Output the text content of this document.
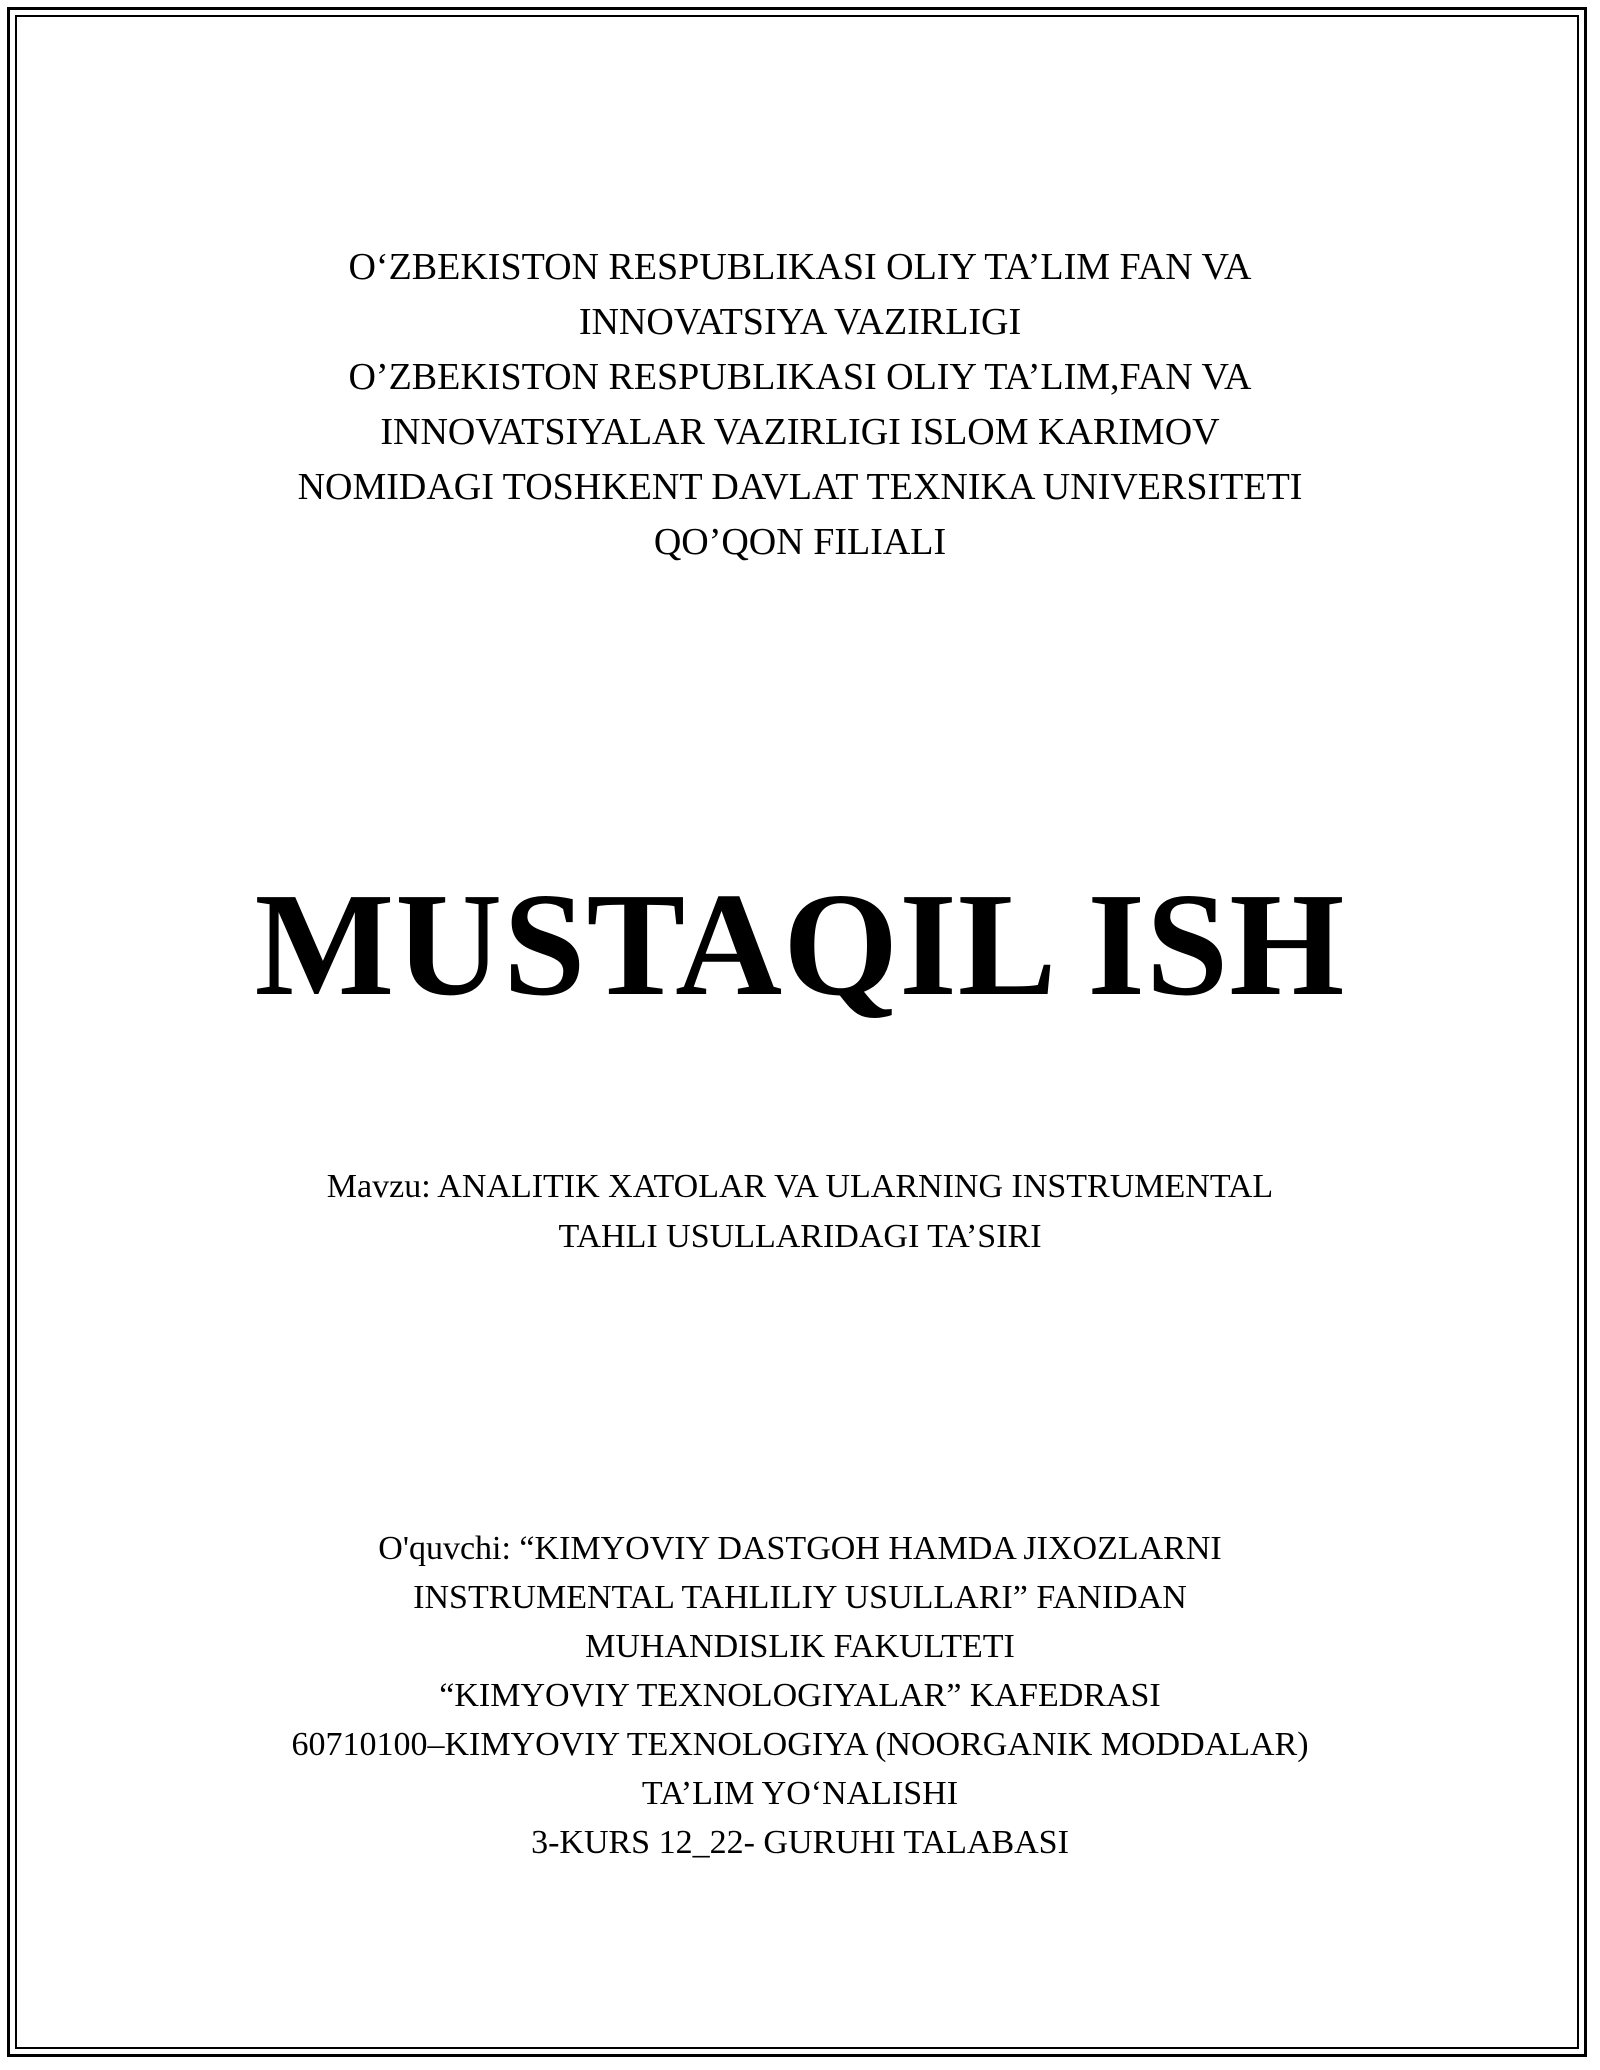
O‘ZBEKISTON RESPUBLIKASI OLIY TA’LIM FAN VA
INNOVATSIYA VAZIRLIGI
O’ZBEKISTON RESPUBLIKASI OLIY TA’LIM,FAN VA
INNOVATSIYALAR VAZIRLIGI ISLOM KARIMOV
NOMIDAGI TOSHKENT DAVLAT TEXNIKA UNIVERSITETI
QO’QON FILIALI
MUSTAQIL ISH
Mavzu: ANALITIK XATOLAR VA ULARNING INSTRUMENTAL
TAHLI USULLARIDAGI TA’SIRI
O'quvchi: “KIMYOVIY DASTGOH HAMDA JIXOZLARNI
INSTRUMENTAL TAHLILIY USULLARI” FANIDAN
MUHANDISLIK FAKULTETI
“KIMYOVIY TEXNOLOGIYALAR” KAFEDRASI
60710100–KIMYOVIY TEXNOLOGIYA (NOORGANIK MODDALAR)
TA’LIM YO‘NALISHI
3-KURS 12_22- GURUHI TALABASI
